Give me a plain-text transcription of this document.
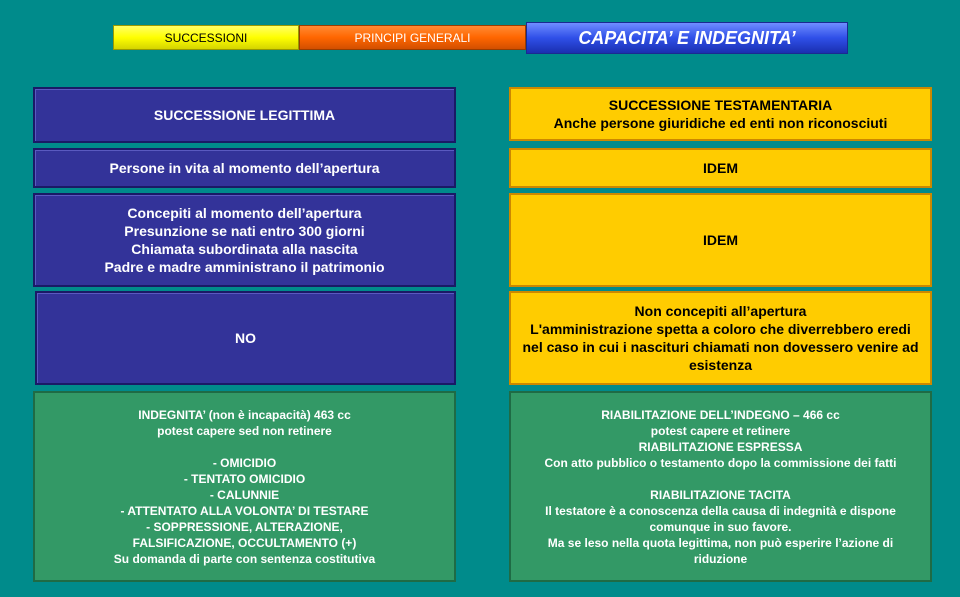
SUCCESSIONI	PRINCIPI GENERALI	CAPACITA’ E INDEGNITA’
SUCCESSIONE LEGITTIMA
Persone in vita al momento dell’apertura
Concepiti al momento dell’apertura
Presunzione se nati entro 300 giorni
Chiamata subordinata alla nascita
Padre e madre amministrano il patrimonio
NO
INDEGNITA’ (non è incapacità) 463 cc
potest capere sed non retinere

- OMICIDIO
- TENTATO OMICIDIO
- CALUNNIE
- ATTENTATO ALLA VOLONTA’ DI TESTARE
- SOPPRESSIONE, ALTERAZIONE,
FALSIFICAZIONE, OCCULTAMENTO (+)
Su domanda di parte con sentenza costitutiva
SUCCESSIONE TESTAMENTARIA
Anche persone giuridiche ed enti non riconosciuti
IDEM
IDEM
Non concepiti all’apertura
L'amministrazione spetta a coloro che diverrebbero eredi nel caso in cui i nascituri chiamati non dovessero venire ad esistenza
RIABILITAZIONE DELL’INDEGNO – 466 cc
potest capere et retinere
RIABILITAZIONE ESPRESSA
Con atto pubblico o testamento dopo la commissione dei fatti

RIABILITAZIONE TACITA
Il testatore è a conoscenza della causa di indegnità e dispone comunque in suo favore.
Ma se leso nella quota legittima, non può esperire l’azione di riduzione
